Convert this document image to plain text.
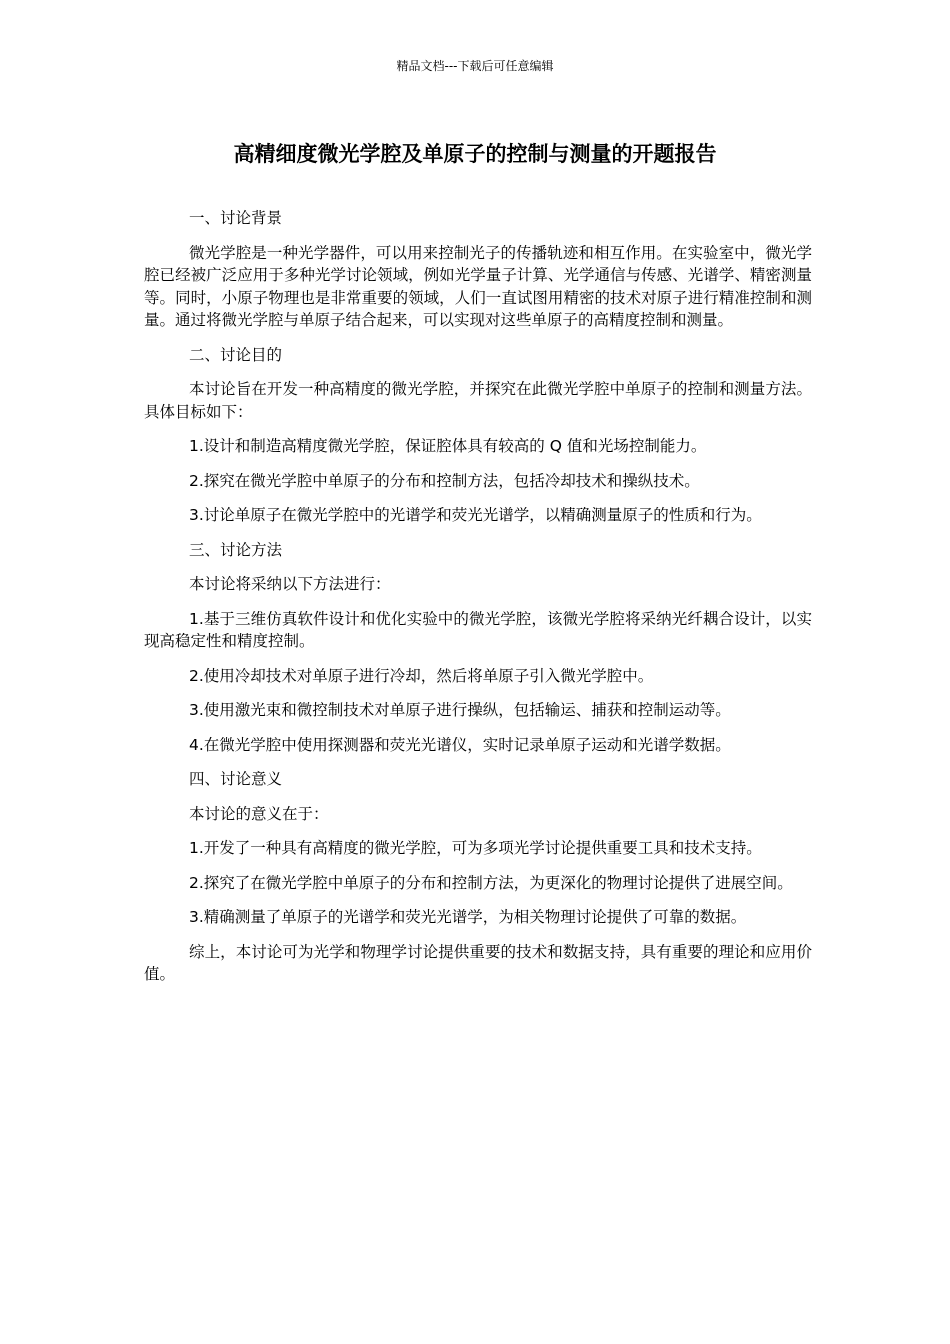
精品文档---下载后可任意编辑
高精细度微光学腔及单原子的控制与测量的开题报告
一、讨论背景
微光学腔是一种光学器件，可以用来控制光子的传播轨迹和相互作用。在实验室中，微光学腔已经被广泛应用于多种光学讨论领域，例如光学量子计算、光学通信与传感、光谱学、精密测量等。同时，小原子物理也是非常重要的领域，人们一直试图用精密的技术对原子进行精准控制和测量。通过将微光学腔与单原子结合起来，可以实现对这些单原子的高精度控制和测量。
二、讨论目的
本讨论旨在开发一种高精度的微光学腔，并探究在此微光学腔中单原子的控制和测量方法。具体目标如下：
1.设计和制造高精度微光学腔，保证腔体具有较高的 Q 值和光场控制能力。
2.探究在微光学腔中单原子的分布和控制方法，包括冷却技术和操纵技术。
3.讨论单原子在微光学腔中的光谱学和荧光光谱学，以精确测量原子的性质和行为。
三、讨论方法
本讨论将采纳以下方法进行：
1.基于三维仿真软件设计和优化实验中的微光学腔，该微光学腔将采纳光纤耦合设计，以实现高稳定性和精度控制。
2.使用冷却技术对单原子进行冷却，然后将单原子引入微光学腔中。
3.使用激光束和微控制技术对单原子进行操纵，包括输运、捕获和控制运动等。
4.在微光学腔中使用探测器和荧光光谱仪，实时记录单原子运动和光谱学数据。
四、讨论意义
本讨论的意义在于：
1.开发了一种具有高精度的微光学腔，可为多项光学讨论提供重要工具和技术支持。
2.探究了在微光学腔中单原子的分布和控制方法，为更深化的物理讨论提供了进展空间。
3.精确测量了单原子的光谱学和荧光光谱学，为相关物理讨论提供了可靠的数据。
综上，本讨论可为光学和物理学讨论提供重要的技术和数据支持，具有重要的理论和应用价值。
